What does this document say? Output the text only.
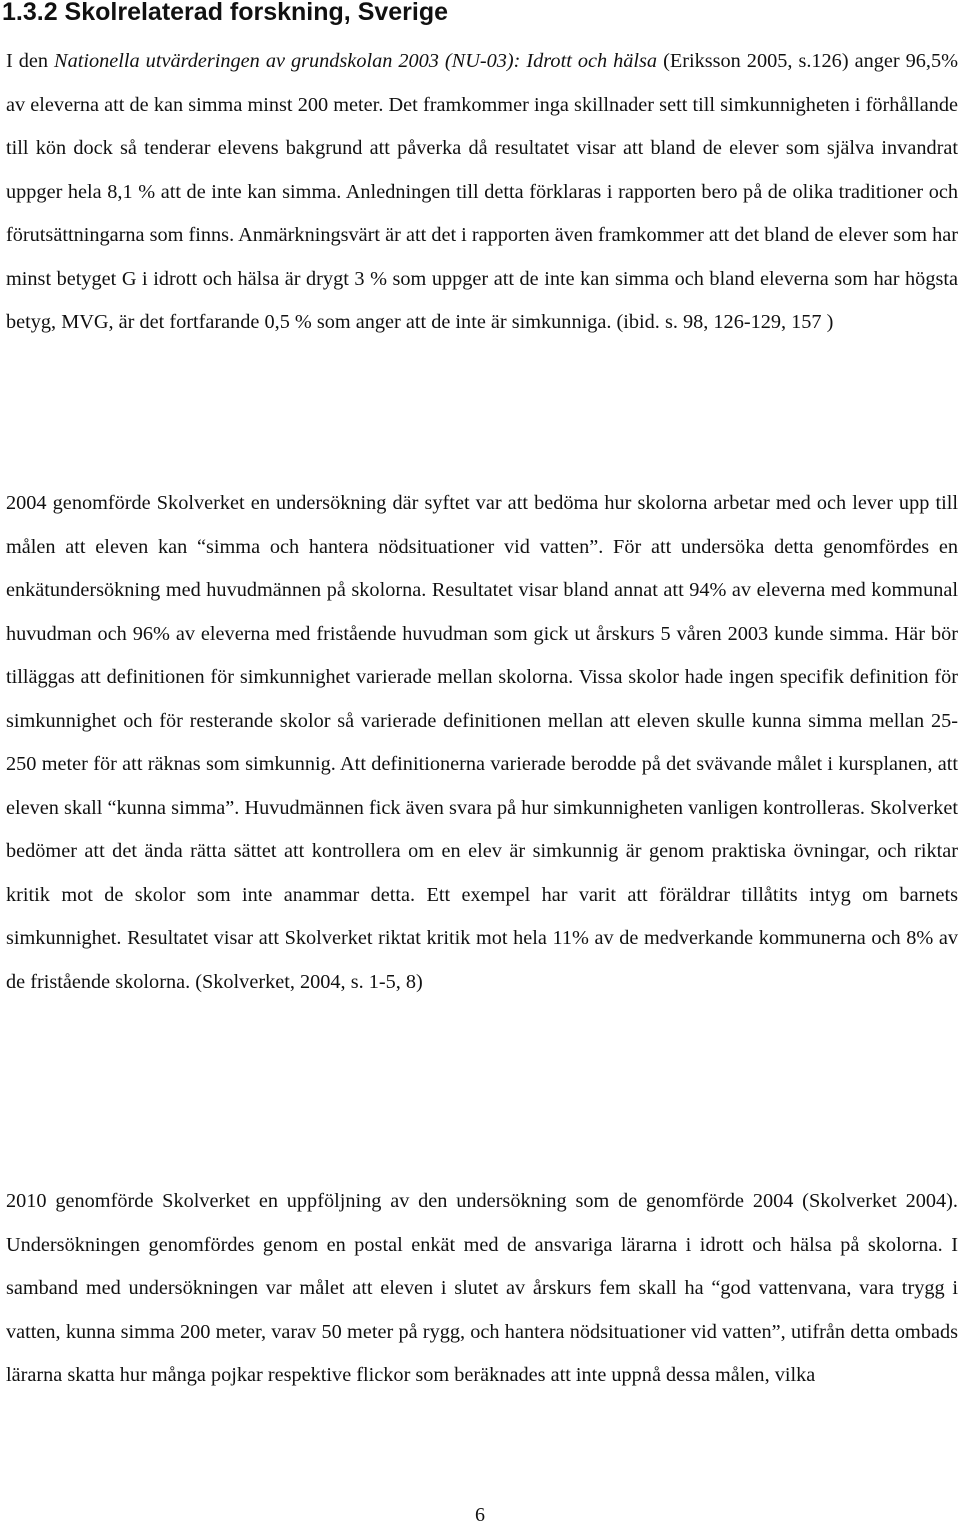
1.3.2 Skolrelaterad forskning, Sverige

I den Nationella utvärderingen av grundskolan 2003 (NU-03): Idrott och hälsa (Eriksson 2005, s.126) anger 96,5% av eleverna att de kan simma minst 200 meter. Det framkommer inga skillnader sett till simkunnigheten i förhållande till kön dock så tenderar elevens bakgrund att påverka då resultatet visar att bland de elever som själva invandrat uppger hela 8,1 % att de inte kan simma. Anledningen till detta förklaras i rapporten bero på de olika traditioner och förutsättningarna som finns. Anmärkningsvärt är att det i rapporten även framkommer att det bland de elever som har minst betyget G i idrott och hälsa är drygt 3 % som uppger att de inte kan simma och bland eleverna som har högsta betyg, MVG, är det fortfarande 0,5 % som anger att de inte är simkunniga. (ibid. s. 98, 126-129, 157 )

2004 genomförde Skolverket en undersökning där syftet var att bedöma hur skolorna arbetar med och lever upp till målen att eleven kan “simma och hantera nödsituationer vid vatten”. För att undersöka detta genomfördes en enkätundersökning med huvudmännen på skolorna. Resultatet visar bland annat att 94% av eleverna med kommunal huvudman och 96% av eleverna med fristående huvudman som gick ut årskurs 5 våren 2003 kunde simma. Här bör tilläggas att definitionen för simkunnighet varierade mellan skolorna. Vissa skolor hade ingen specifik definition för simkunnighet och för resterande skolor så varierade definitionen mellan att eleven skulle kunna simma mellan 25-250 meter för att räknas som simkunnig. Att definitionerna varierade berodde på det svävande målet i kursplanen, att eleven skall “kunna simma”. Huvudmännen fick även svara på hur simkunnigheten vanligen kontrolleras. Skolverket bedömer att det ända rätta sättet att kontrollera om en elev är simkunnig är genom praktiska övningar, och riktar kritik mot de skolor som inte anammar detta. Ett exempel har varit att föräldrar tillåtits intyg om barnets simkunnighet. Resultatet visar att Skolverket riktat kritik mot hela 11% av de medverkande kommunerna och 8% av de fristående skolorna. (Skolverket, 2004, s. 1-5, 8)

2010 genomförde Skolverket en uppföljning av den undersökning som de genomförde 2004 (Skolverket 2004). Undersökningen genomfördes genom en postal enkät med de ansvariga lärarna i idrott och hälsa på skolorna. I samband med undersökningen var målet att eleven i slutet av årskurs fem skall ha “god vattenvana, vara trygg i vatten, kunna simma 200 meter, varav 50 meter på rygg, och hantera nödsituationer vid vatten”, utifrån detta ombads lärarna skatta hur många pojkar respektive flickor som beräknades att inte uppnå dessa målen, vilka

6
